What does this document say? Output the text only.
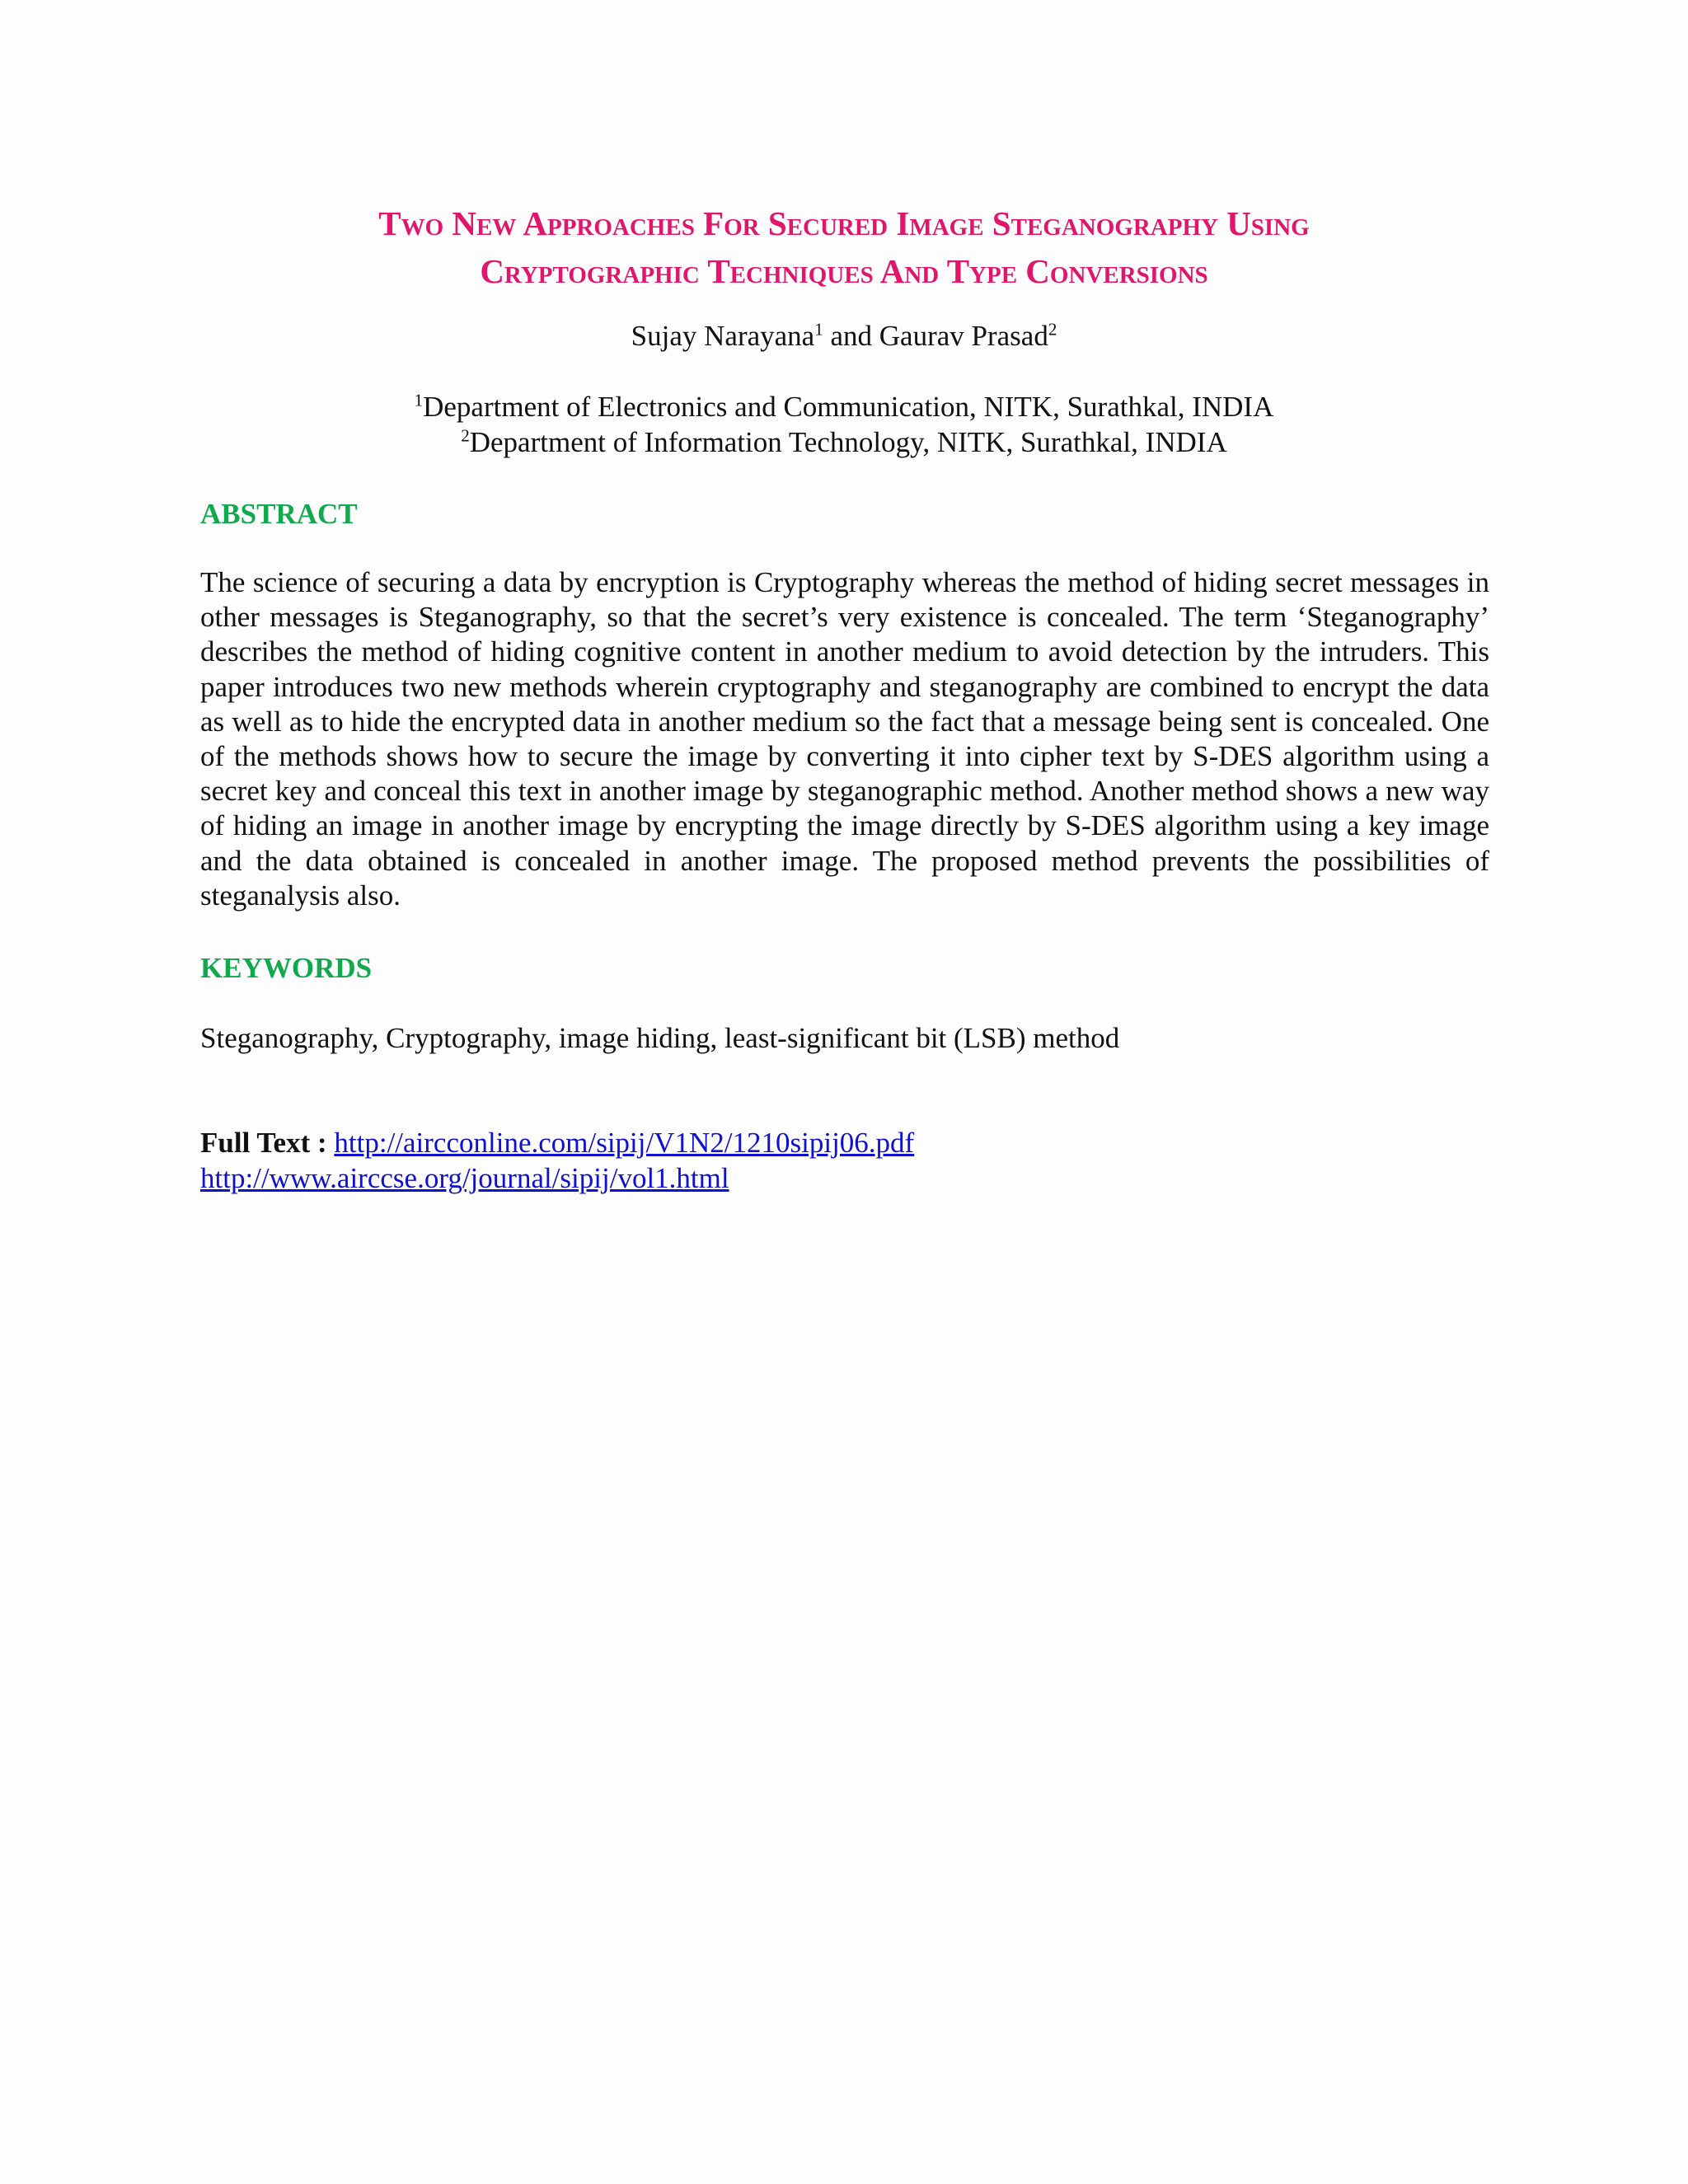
Two New Approaches For Secured Image Steganography Using
Cryptographic Techniques And Type Conversions
Sujay Narayana$^1$ and Gaurav Prasad$^2$
$^1$Department of Electronics and Communication, NITK, Surathkal, INDIA
$^2$Department of Information Technology, NITK, Surathkal, INDIA
ABSTRACT

The science of securing a data by encryption is Cryptography whereas the method of hiding secret messages in other messages is Steganography, so that the secret’s very existence is concealed. The term ‘Steganography’ describes the method of hiding cognitive content in another medium to avoid detection by the intruders. This paper introduces two new methods wherein cryptography and steganography are combined to encrypt the data as well as to hide the encrypted data in another medium so the fact that a message being sent is concealed. One of the methods shows how to secure the image by converting it into cipher text by S-DES algorithm using a secret key and conceal this text in another image by steganographic method. Another method shows a new way of hiding an image in another image by encrypting the image directly by S-DES algorithm using a key image and the data obtained is concealed in another image. The proposed method prevents the possibilities of steganalysis also.

KEYWORDS

Steganography, Cryptography, image hiding, least-significant bit (LSB) method

Full Text : http://aircconline.com/sipij/V1N2/1210sipij06.pdf
http://www.airccse.org/journal/sipij/vol1.html
